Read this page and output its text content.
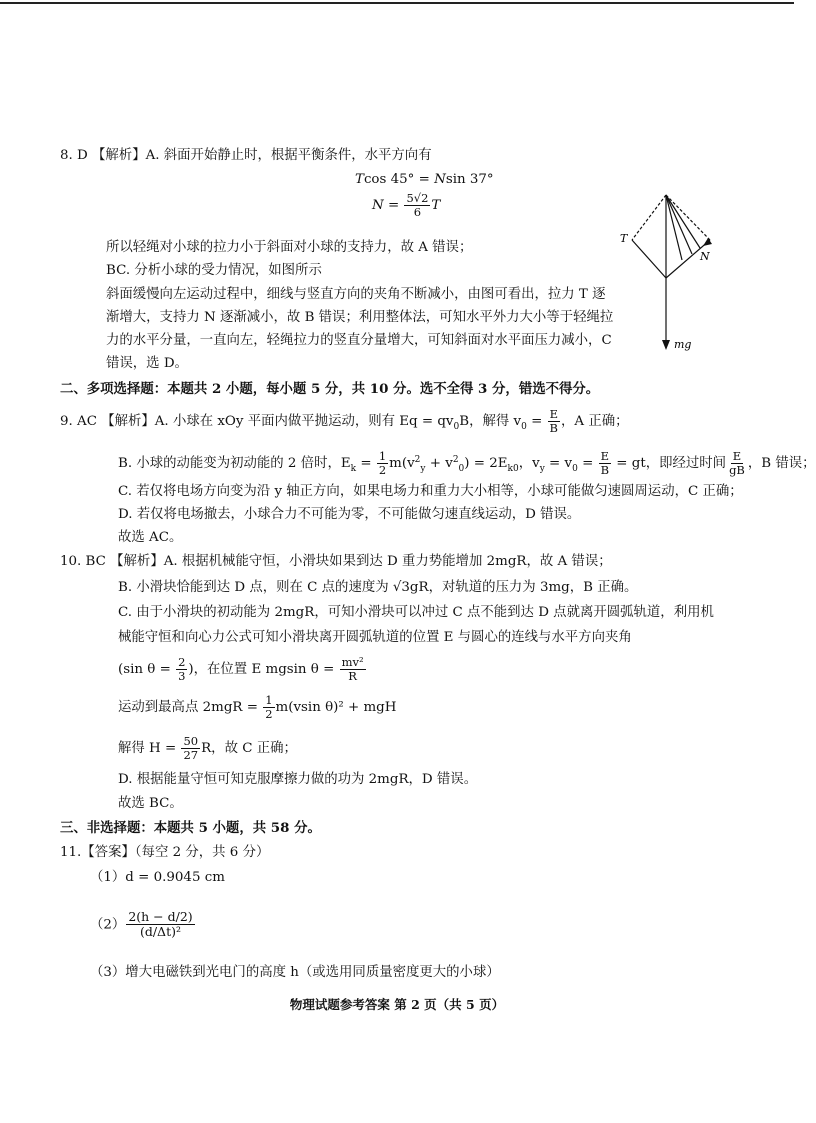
8. D 【解析】A. 斜面开始静止时，根据平衡条件，水平方向有
Tcos 45° = Nsin 37°
$N = \frac{5√2}{6}$ T
所以轻绳对小球的拉力小于斜面对小球的支持力，故 A 错误；
BC. 分析小球的受力情况，如图所示
斜面缓慢向左运动过程中，细线与竖直方向的夹角不断减小，由图可看出，拉力 T 逐
渐增大，支持力 N 逐渐减小，故 B 错误；利用整体法，可知水平外力大小等于轻绳拉
力的水平分量，一直向左，轻绳拉力的竖直分量增大，可知斜面对水平面压力减小，C
错误，选 D。
T
N
mg
二、多项选择题：本题共 2 小题，每小题 5 分，共 10 分。选不全得 3 分，错选不得分。
9. AC 【解析】A. 小球在 xOy 平面内做平抛运动，则有 $Eq = qv_0B$，解得 $v_0 = \frac{E}{B}$ ，A 正确；
B. 小球的动能变为初动能的 2 倍时，$E_k = \frac{1}{2} m(v^2_y + v^2_0) = 2E_{k0}$，$v_y = v_0 = \frac{E}{B}$ = gt，即经过时间 $\frac{E}{gB}$ ，B 错误；
C. 若仅将电场方向变为沿 y 轴正方向，如果电场力和重力大小相等，小球可能做匀速圆周运动，C 正确；
D. 若仅将电场撤去，小球合力不可能为零，不可能做匀速直线运动，D 错误。
故选 AC。
10. BC 【解析】A. 根据机械能守恒，小滑块如果到达 D 重力势能增加 2mgR，故 A 错误；
B. 小滑块恰能到达 D 点，则在 C 点的速度为 √3gR，对轨道的压力为 3mg，B 正确。
C. 由于小滑块的初动能为 2mgR，可知小滑块可以冲过 C 点不能到达 D 点就离开圆弧轨道，利用机
械能守恒和向心力公式可知小滑块离开圆弧轨道的位置 E 与圆心的连线与水平方向夹角
(sin $\theta = \frac{2}{3}$ )，在位置 E mgsin $\theta = \frac{\text{mv²}}{R}$
运动到最高点 $2mgR = \frac{1}{2} m(vsin$ θ)² + mgH
解得 $H = \frac{50}{27}$ R，故 C 正确；
D. 根据能量守恒可知克服摩擦力做的功为 2mgR，D 错误。
故选 BC。
三、非选择题：本题共 5 小题，共 58 分。
11.【答案】（每空 2 分，共 6 分）
（1）d = 0.9045 cm
$(2) \frac{2(h - d/2)}{\text{(d/Δt)²}}$
（3）增大电磁铁到光电门的高度 h（或选用同质量密度更大的小球）
物理试题参考答案 第 2 页（共 5 页）
